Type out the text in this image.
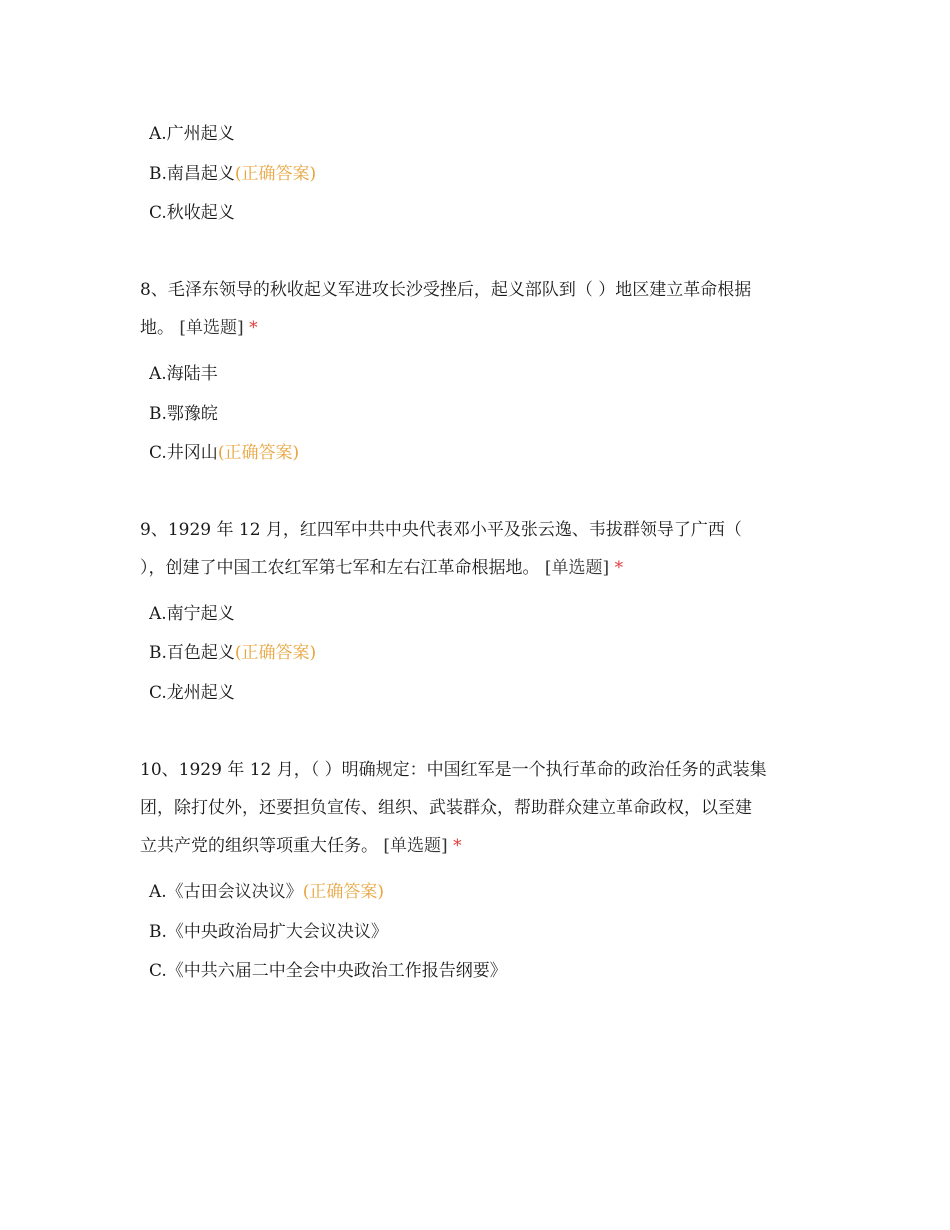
A.广州起义
B.南昌起义(正确答案)
C.秋收起义
8、毛泽东领导的秋收起义军进攻长沙受挫后，起义部队到（ ）地区建立革命根据
地。 [单选题] *
A.海陆丰
B.鄂豫皖
C.井冈山(正确答案)
9、1929 年 12 月，红四军中共中央代表邓小平及张云逸、韦拔群领导了广西（
），创建了中国工农红军第七军和左右江革命根据地。 [单选题] *
A.南宁起义
B.百色起义(正确答案)
C.龙州起义
10、1929 年 12 月，（ ）明确规定：中国红军是一个执行革命的政治任务的武装集
团，除打仗外，还要担负宣传、组织、武装群众，帮助群众建立革命政权，以至建
立共产党的组织等项重大任务。 [单选题] *
A.《古田会议决议》(正确答案)
B.《中央政治局扩大会议决议》
C.《中共六届二中全会中央政治工作报告纲要》
